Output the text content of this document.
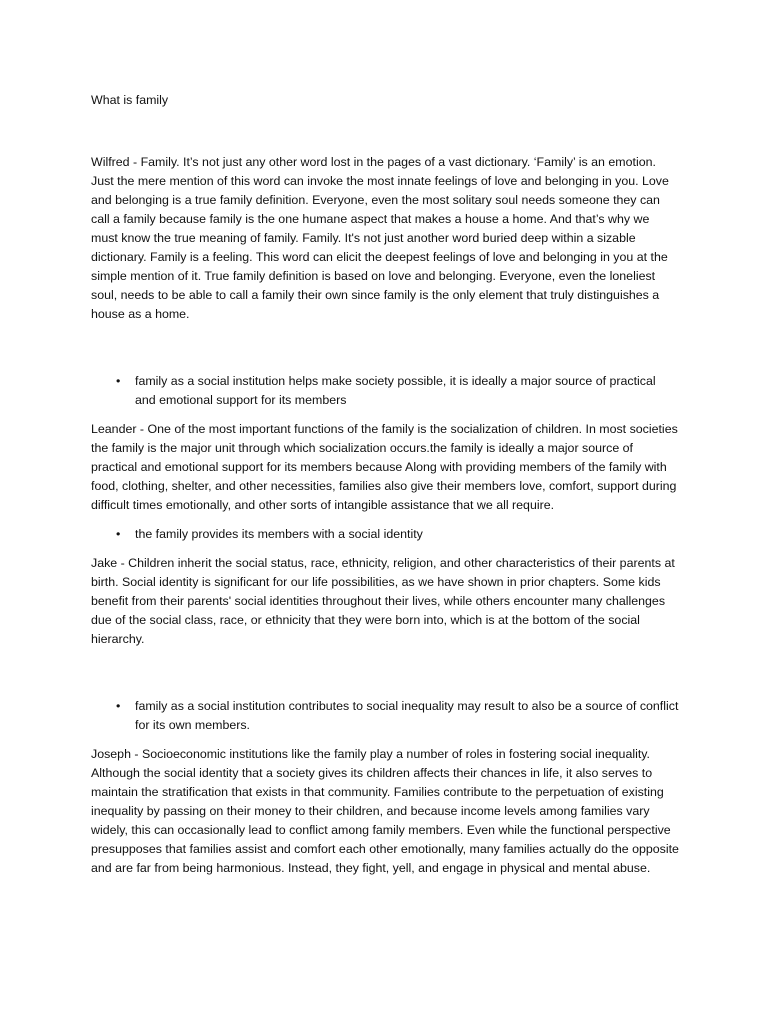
What is family

Wilfred - Family. It’s not just any other word lost in the pages of a vast dictionary. ‘Family’ is an emotion. Just the mere mention of this word can invoke the most innate feelings of love and belonging in you. Love and belonging is a true family definition. Everyone, even the most solitary soul needs someone they can call a family because family is the one humane aspect that makes a house a home. And that’s why we must know the true meaning of family. Family. It's not just another word buried deep within a sizable dictionary. Family is a feeling. This word can elicit the deepest feelings of love and belonging in you at the simple mention of it. True family definition is based on love and belonging. Everyone, even the loneliest soul, needs to be able to call a family their own since family is the only element that truly distinguishes a house as a home.

• family as a social institution helps make society possible, it is ideally a major source of practical and emotional support for its members

Leander - One of the most important functions of the family is the socialization of children. In most societies the family is the major unit through which socialization occurs.the family is ideally a major source of practical and emotional support for its members because Along with providing members of the family with food, clothing, shelter, and other necessities, families also give their members love, comfort, support during difficult times emotionally, and other sorts of intangible assistance that we all require.

• the family provides its members with a social identity

Jake - Children inherit the social status, race, ethnicity, religion, and other characteristics of their parents at birth. Social identity is significant for our life possibilities, as we have shown in prior chapters. Some kids benefit from their parents' social identities throughout their lives, while others encounter many challenges due of the social class, race, or ethnicity that they were born into, which is at the bottom of the social hierarchy.

• family as a social institution contributes to social inequality may result to also be a source of conflict for its own members.

Joseph - Socioeconomic institutions like the family play a number of roles in fostering social inequality. Although the social identity that a society gives its children affects their chances in life, it also serves to maintain the stratification that exists in that community. Families contribute to the perpetuation of existing inequality by passing on their money to their children, and because income levels among families vary widely, this can occasionally lead to conflict among family members. Even while the functional perspective presupposes that families assist and comfort each other emotionally, many families actually do the opposite and are far from being harmonious. Instead, they fight, yell, and engage in physical and mental abuse.
